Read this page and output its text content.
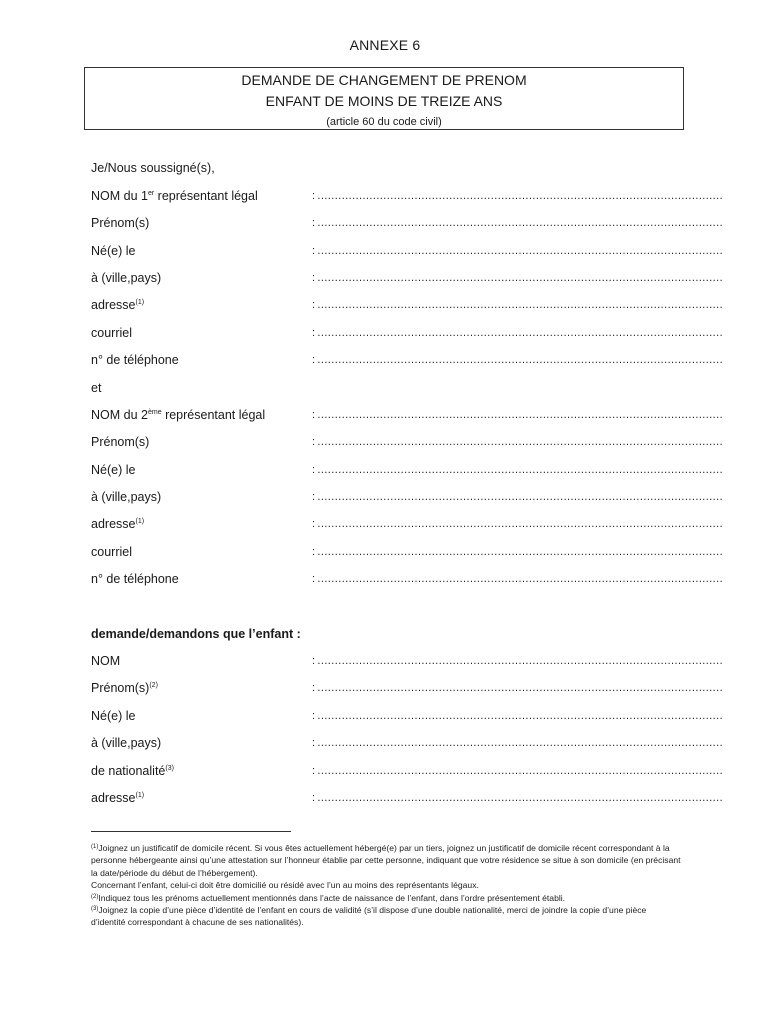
ANNEXE 6
DEMANDE DE CHANGEMENT DE PRENOM
ENFANT DE MOINS DE TREIZE ANS
(article 60 du code civil)
Je/Nous soussigné(s),
NOM du 1er représentant légal	: ………………………………………………………………………………………………………
Prénom(s)	: ………………………………………………………………………………………………………
Né(e) le	: ………………………………………………………………………………………………………
à (ville,pays)	: ………………………………………………………………………………………………………
adresse$^{(1)}$	: ………………………………………………………………………………………………………
courriel	: ………………………………………………………………………………………………………
n° de téléphone	: ………………………………………………………………………………………………………
et
NOM du 2ème représentant légal	: ………………………………………………………………………………………………………
Prénom(s)	: ………………………………………………………………………………………………………
Né(e) le	: ………………………………………………………………………………………………………
à (ville,pays)	: ………………………………………………………………………………………………………
adresse$^{(1)}$	: ………………………………………………………………………………………………………
courriel	: ………………………………………………………………………………………………………
n° de téléphone	: ………………………………………………………………………………………………………
demande/demandons que l’enfant :
NOM	: ………………………………………………………………………………………………………
$Prénom(s)^{(2)}$	: ………………………………………………………………………………………………………
Né(e) le	: ………………………………………………………………………………………………………
à (ville,pays)	: ………………………………………………………………………………………………………
de nationalité$^{(3)}$	: ………………………………………………………………………………………………………
adresse$^{(1)}$	: ………………………………………………………………………………………………………

$^{(1)}$Joignez un justificatif de domicile récent. Si vous êtes actuellement hébergé(e) par un tiers, joignez un justificatif de domicile récent correspondant à la personne hébergeante ainsi qu’une attestation sur l’honneur établie par cette personne, indiquant que votre résidence se situe à son domicile (en précisant la date/période du début de l’hébergement).

Concernant l’enfant, celui-ci doit être domicilié ou résidé avec l’un au moins des représentants légaux.

$^{(2)}$Indiquez tous les prénoms actuellement mentionnés dans l’acte de naissance de l’enfant, dans l’ordre présentement établi.

$^{(3)}$Joignez la copie d’une pièce d’identité de l’enfant en cours de validité (s’il dispose d’une double nationalité, merci de joindre la copie d’une pièce d’identité correspondant à chacune de ses nationalités).
